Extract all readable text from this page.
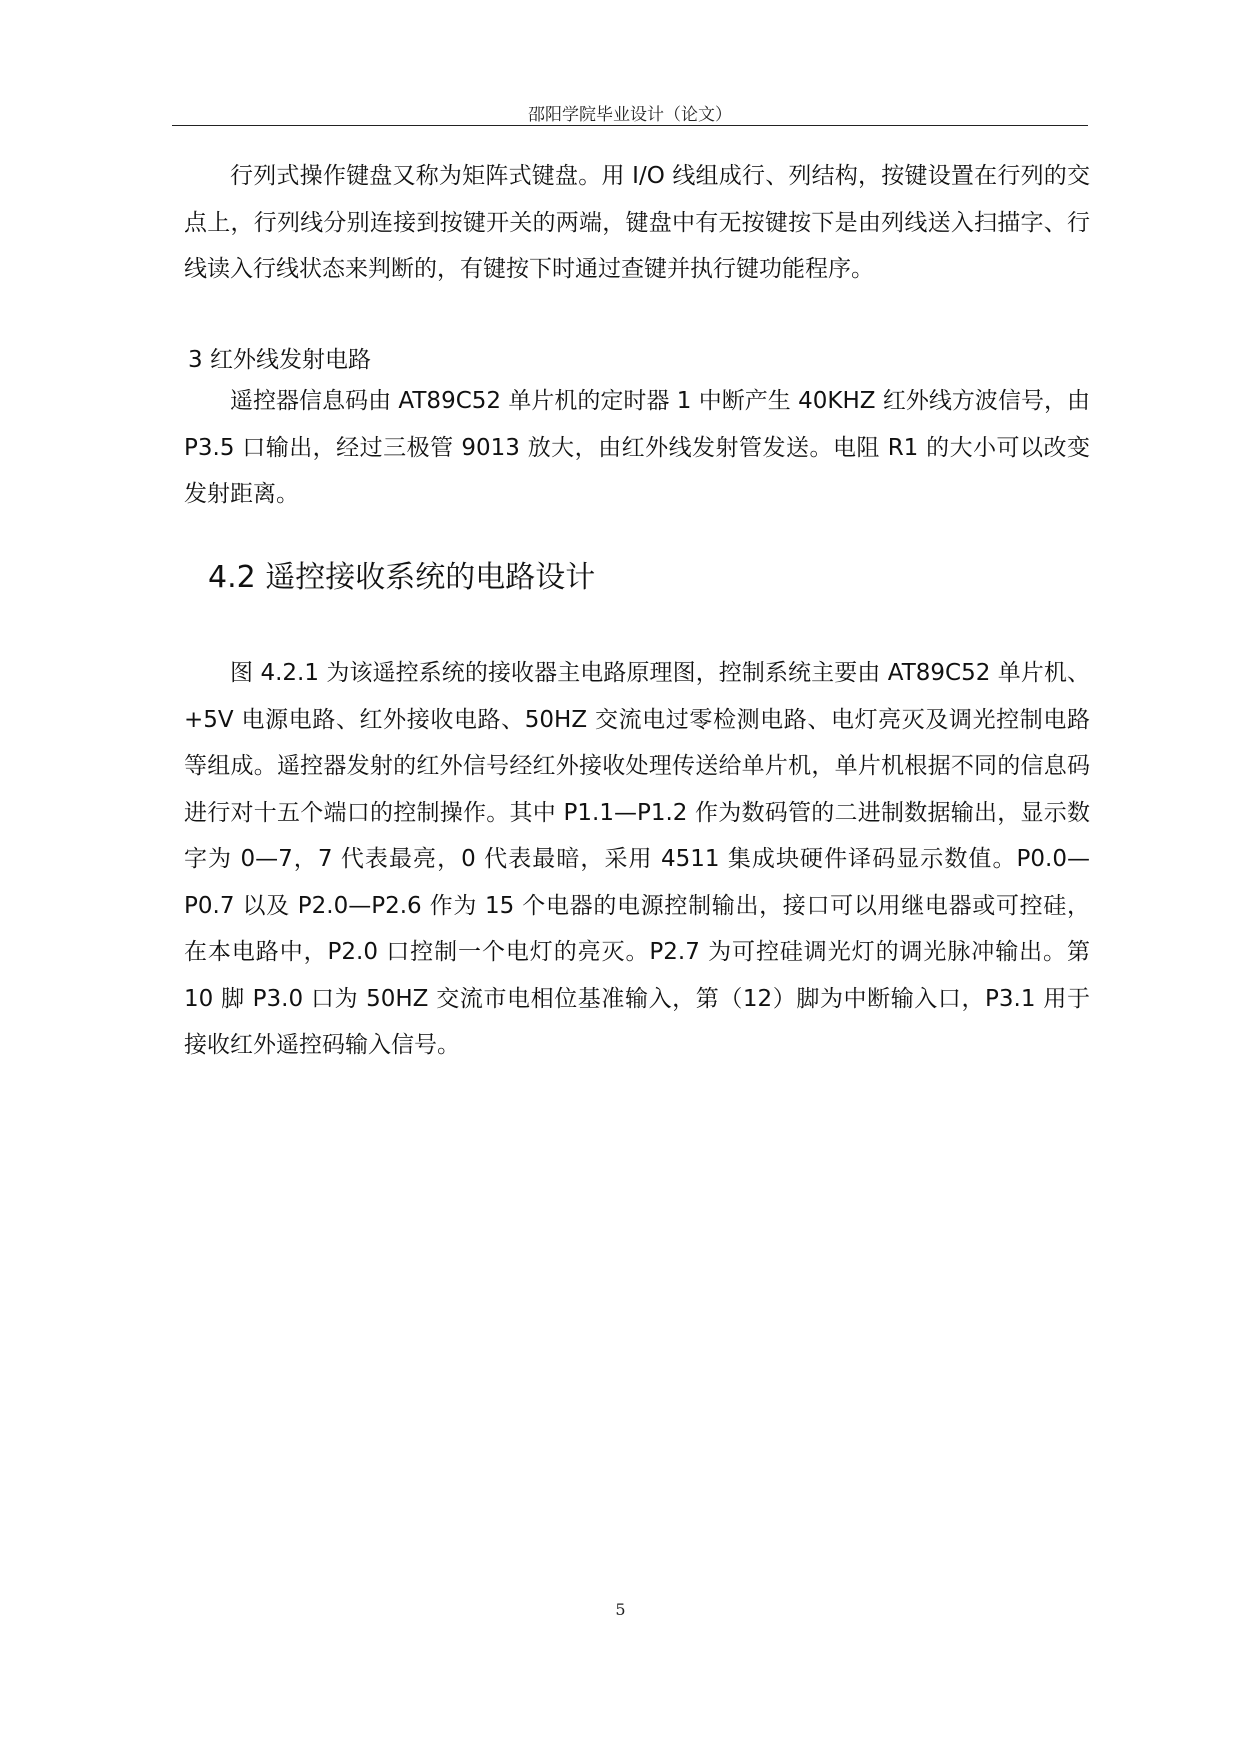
邵阳学院毕业设计（论文）

行列式操作键盘又称为矩阵式键盘。用 I/O 线组成行、列结构，按键设置在行列的交点上，行列线分别连接到按键开关的两端，键盘中有无按键按下是由列线送入扫描字、行线读入行线状态来判断的，有键按下时通过查键并执行键功能程序。

3 红外线发射电路

遥控器信息码由 AT89C52 单片机的定时器 1 中断产生 40KHZ 红外线方波信号，由 P3.5 口输出，经过三极管 9013 放大，由红外线发射管发送。电阻 R1 的大小可以改变发射距离。

4.2 遥控接收系统的电路设计

图 4.2.1 为该遥控系统的接收器主电路原理图，控制系统主要由 AT89C52 单片机、+5V 电源电路、红外接收电路、50HZ 交流电过零检测电路、电灯亮灭及调光控制电路等组成。遥控器发射的红外信号经红外接收处理传送给单片机，单片机根据不同的信息码进行对十五个端口的控制操作。其中 P1.1—P1.2 作为数码管的二进制数据输出，显示数字为 0—7，7 代表最亮，0 代表最暗，采用 4511 集成块硬件译码显示数值。P0.0—P0.7 以及 P2.0—P2.6 作为 15 个电器的电源控制输出，接口可以用继电器或可控硅，在本电路中，P2.0 口控制一个电灯的亮灭。P2.7 为可控硅调光灯的调光脉冲输出。第 10 脚 P3.0 口为 50HZ 交流市电相位基准输入，第（12）脚为中断输入口，P3.1 用于接收红外遥控码输入信号。

5
